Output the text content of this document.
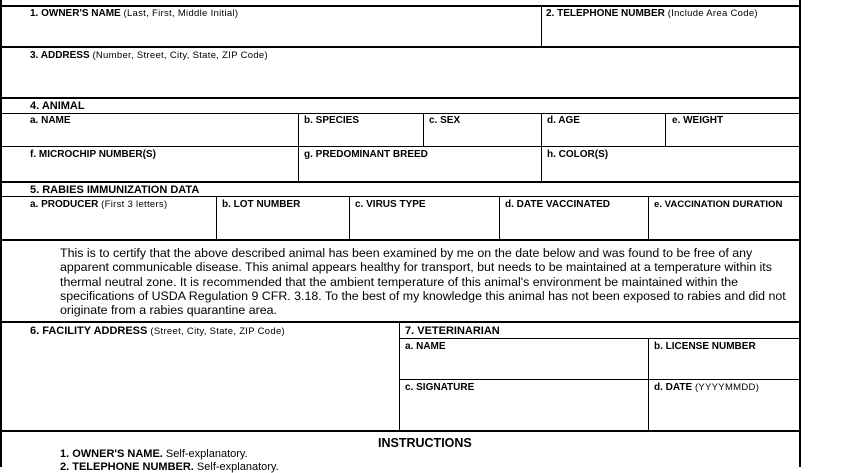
1. OWNER'S NAME (Last, First, Middle Initial)	2. TELEPHONE NUMBER (Include Area Code)
3. ADDRESS (Number, Street, City, State, ZIP Code)
4. ANIMAL
a. NAME	b. SPECIES	c. SEX	d. AGE	e. WEIGHT
f. MICROCHIP NUMBER(S)	g. PREDOMINANT BREED	h. COLOR(S)
5. RABIES IMMUNIZATION DATA
a. PRODUCER (First 3 letters)	b. LOT NUMBER	c. VIRUS TYPE	d. DATE VACCINATED	e. VACCINATION DURATION
This is to certify that the above described animal has been examined by me on the date below and was found to be free of any apparent communicable disease. This animal appears healthy for transport, but needs to be maintained at a temperature within its thermal neutral zone. It is recommended that the ambient temperature of this animal's environment be maintained within the specifications of USDA Regulation 9 CFR. 3.18. To the best of my knowledge this animal has not been exposed to rabies and did not originate from a rabies quarantine area.
6. FACILITY ADDRESS (Street, City, State, ZIP Code)	7. VETERINARIAN
a. NAME	b. LICENSE NUMBER
c. SIGNATURE	d. DATE (YYYYMMDD)
INSTRUCTIONS
1. OWNER'S NAME. Self-explanatory.
2. TELEPHONE NUMBER. Self-explanatory.
